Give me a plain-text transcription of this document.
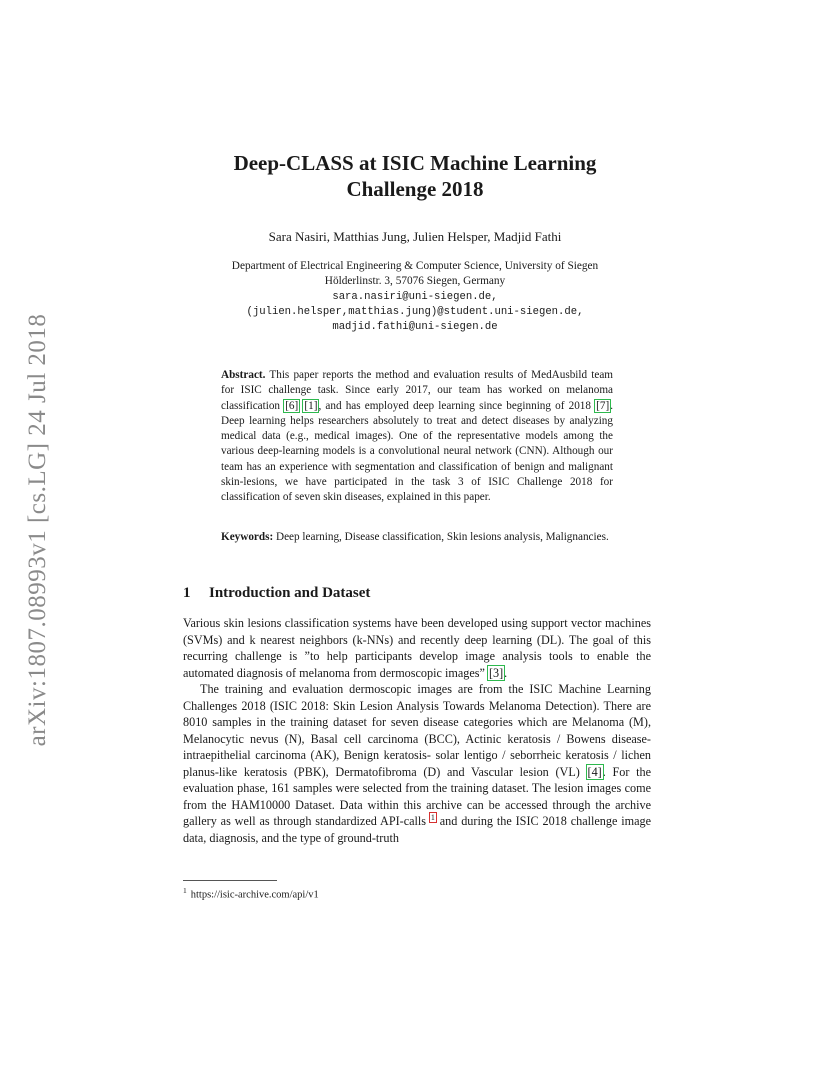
arXiv:1807.08993v1 [cs.LG] 24 Jul 2018
Deep-CLASS at ISIC Machine Learning
Challenge 2018
Sara Nasiri, Matthias Jung, Julien Helsper, Madjid Fathi
Department of Electrical Engineering & Computer Science, University of Siegen
Hölderlinstr. 3, 57076 Siegen, Germany
sara.nasiri@uni-siegen.de,
(julien.helsper,matthias.jung)@student.uni-siegen.de,
madjid.fathi@uni-siegen.de
Abstract. This paper reports the method and evaluation results of MedAusbild team for ISIC challenge task. Since early 2017, our team has worked on melanoma classification [6] [1], and has employed deep learning since beginning of 2018 [7]. Deep learning helps researchers absolutely to treat and detect diseases by analyzing medical data (e.g., medical images). One of the representative models among the various deep-learning models is a convolutional neural network (CNN). Although our team has an experience with segmentation and classification of benign and malignant skin-lesions, we have participated in the task 3 of ISIC Challenge 2018 for classification of seven skin diseases, explained in this paper.
Keywords: Deep learning, Disease classification, Skin lesions analysis, Malignancies.
1 Introduction and Dataset

Various skin lesions classification systems have been developed using support vector machines (SVMs) and k nearest neighbors (k-NNs) and recently deep learning (DL). The goal of this recurring challenge is ”to help participants develop image analysis tools to enable the automated diagnosis of melanoma from dermoscopic images” [3].

The training and evaluation dermoscopic images are from the ISIC Machine Learning Challenges 2018 (ISIC 2018: Skin Lesion Analysis Towards Melanoma Detection). There are 8010 samples in the training dataset for seven disease categories which are Melanoma (M), Melanocytic nevus (N), Basal cell carcinoma (BCC), Actinic keratosis / Bowens disease- intraepithelial carcinoma (AK), Benign keratosis- solar lentigo / seborrheic keratosis / lichen planus-like keratosis (PBK), Dermatofibroma (D) and Vascular lesion (VL) [4]. For the evaluation phase, 161 samples were selected from the training dataset. The lesion images come from the HAM10000 Dataset. Data within this archive can be accessed through the archive gallery as well as through standardized API-calls $^1$ and during the ISIC 2018 challenge image data, diagnosis, and the type of ground-truth

$^1$ https://isic-archive.com/api/v1
